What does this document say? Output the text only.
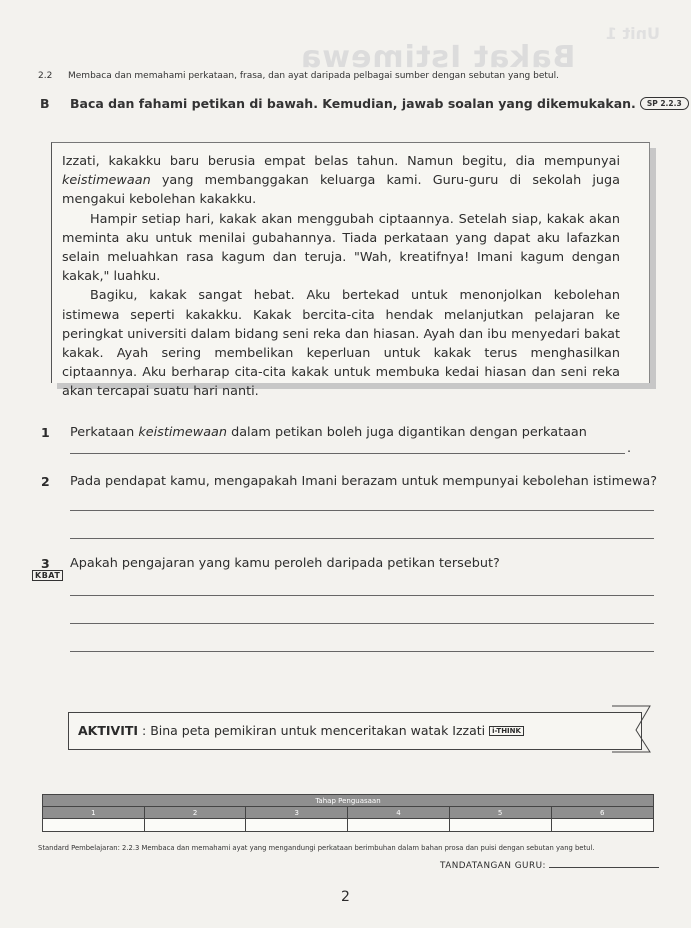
Bakat Istimewa
Unit 1
2.2 Membaca dan memahami perkataan, frasa, dan ayat daripada pelbagai sumber dengan sebutan yang betul.
B Baca dan fahami petikan di bawah. Kemudian, jawab soalan yang dikemukakan. SP 2.2.3

Izzati, kakakku baru berusia empat belas tahun. Namun begitu, dia mempunyai keistimewaan yang membanggakan keluarga kami. Guru-guru di sekolah juga mengakui kebolehan kakakku.

Hampir setiap hari, kakak akan menggubah ciptaannya. Setelah siap, kakak akan meminta aku untuk menilai gubahannya. Tiada perkataan yang dapat aku lafazkan selain meluahkan rasa kagum dan teruja. "Wah, kreatifnya! Imani kagum dengan kakak," luahku.

Bagiku, kakak sangat hebat. Aku bertekad untuk menonjolkan kebolehan istimewa seperti kakakku. Kakak bercita-cita hendak melanjutkan pelajaran ke peringkat universiti dalam bidang seni reka dan hiasan. Ayah dan ibu menyedari bakat kakak. Ayah sering membelikan keperluan untuk kakak terus menghasilkan ciptaannya. Aku berharap cita-cita kakak untuk membuka kedai hiasan dan seni reka akan tercapai suatu hari nanti.

1 Perkataan keistimewaan dalam petikan boleh juga digantikan dengan perkataan
.
2 Pada pendapat kamu, mengapakah Imani berazam untuk mempunyai kebolehan istimewa?
3
KBAT
Apakah pengajaran yang kamu peroleh daripada petikan tersebut?
AKTIVITI : Bina peta pemikiran untuk menceritakan watak Izzati i-THINK
Tahap Penguasaan					
1	2	3	4	5	6

Standard Pembelajaran: 2.2.3 Membaca dan memahami ayat yang mengandungi perkataan berimbuhan dalam bahan prosa dan puisi dengan sebutan yang betul.
TANDATANGAN GURU:
2
